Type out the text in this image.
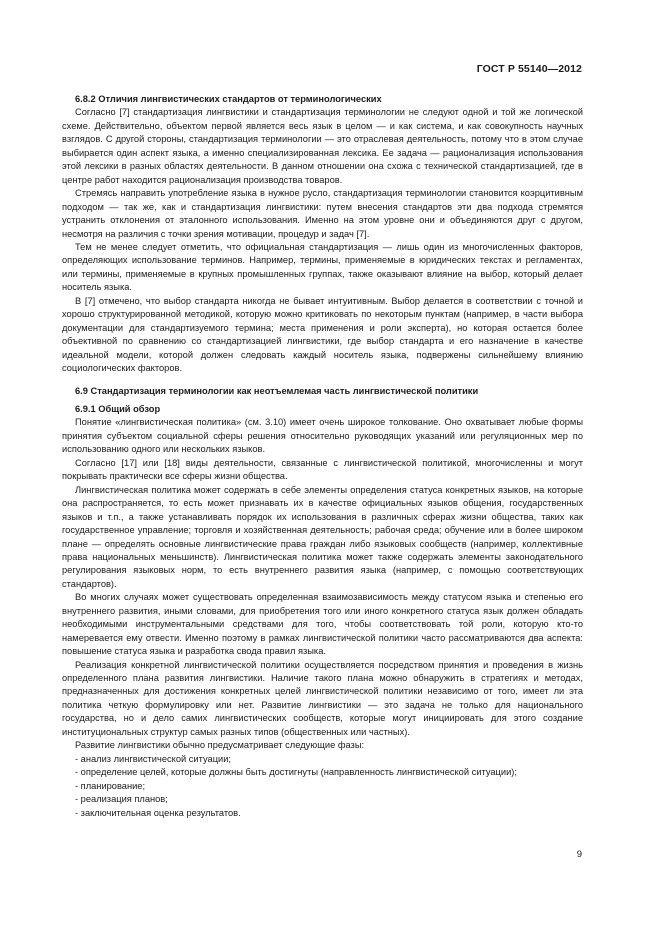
ГОСТ Р 55140—2012
6.8.2 Отличия лингвистических стандартов от терминологических

Согласно [7] стандартизация лингвистики и стандартизация терминологии не следуют одной и той же логической схеме. Действительно, объектом первой является весь язык в целом — и как система, и как совокупность научных взглядов. С другой стороны, стандартизация терминологии — это отраслевая деятельность, потому что в этом случае выбирается один аспект языка, а именно специализированная лексика. Ее задача — рационализация использования этой лексики в разных областях деятельности. В данном отношении она схожа с технической стандартизацией, где в центре работ находится рационализация производства товаров.

Стремясь направить употребление языка в нужное русло, стандартизация терминологии становится коэрцитивным подходом — так же, как и стандартизация лингвистики: путем внесения стандартов эти два подхода стремятся устранить отклонения от эталонного использования. Именно на этом уровне они и объединяются друг с другом, несмотря на различия с точки зрения мотивации, процедур и задач [7].

Тем не менее следует отметить, что официальная стандартизация — лишь один из многочисленных факторов, определяющих использование терминов. Например, термины, применяемые в юридических текстах и регламентах, или термины, применяемые в крупных промышленных группах, также оказывают влияние на выбор, который делает носитель языка.

В [7] отмечено, что выбор стандарта никогда не бывает интуитивным. Выбор делается в соответствии с точной и хорошо структурированной методикой, которую можно критиковать по некоторым пунктам (например, в части выбора документации для стандартизуемого термина; места применения и роли эксперта), но которая остается более объективной по сравнению со стандартизацией лингвистики, где выбор стандарта и его назначение в качестве идеальной модели, которой должен следовать каждый носитель языка, подвержены сильнейшему влиянию социологических факторов.

6.9 Стандартизация терминологии как неотъемлемая часть лингвистической политики
6.9.1 Общий обзор

Понятие «лингвистическая политика» (см. 3.10) имеет очень широкое толкование. Оно охватывает любые формы принятия субъектом социальной сферы решения относительно руководящих указаний или регуляционных мер по использованию одного или нескольких языков.

Согласно [17] или [18] виды деятельности, связанные с лингвистической политикой, многочисленны и могут покрывать практически все сферы жизни общества.

Лингвистическая политика может содержать в себе элементы определения статуса конкретных языков, на которые она распространяется, то есть может признавать их в качестве официальных языков общения, государственных языков и т.п., а также устанавливать порядок их использования в различных сферах жизни общества, таких как государственное управление; торговля и хозяйственная деятельность; рабочая среда; обучение или в более широком плане — определять основные лингвистические права граждан либо языковых сообществ (например, коллективные права национальных меньшинств). Лингвистическая политика может также содержать элементы законодательного регулирования языковых норм, то есть внутреннего развития языка (например, с помощью соответствующих стандартов).

Во многих случаях может существовать определенная взаимозависимость между статусом языка и степенью его внутреннего развития, иными словами, для приобретения того или иного конкретного статуса язык должен обладать необходимыми инструментальными средствами для того, чтобы соответствовать той роли, которую кто-то намеревается ему отвести. Именно поэтому в рамках лингвистической политики часто рассматриваются два аспекта: повышение статуса языка и разработка свода правил языка.

Реализация конкретной лингвистической политики осуществляется посредством принятия и проведения в жизнь определенного плана развития лингвистики. Наличие такого плана можно обнаружить в стратегиях и методах, предназначенных для достижения конкретных целей лингвистической политики независимо от того, имеет ли эта политика четкую формулировку или нет. Развитие лингвистики — это задача не только для национального государства, но и дело самих лингвистических сообществ, которые могут инициировать для этого создание институциональных структур самых разных типов (общественных или частных).

Развитие лингвистики обычно предусматривает следующие фазы:

- анализ лингвистической ситуации;
- определение целей, которые должны быть достигнуты (направленность лингвистической ситуации);
- планирование;
- реализация планов;
- заключительная оценка результатов.
9
